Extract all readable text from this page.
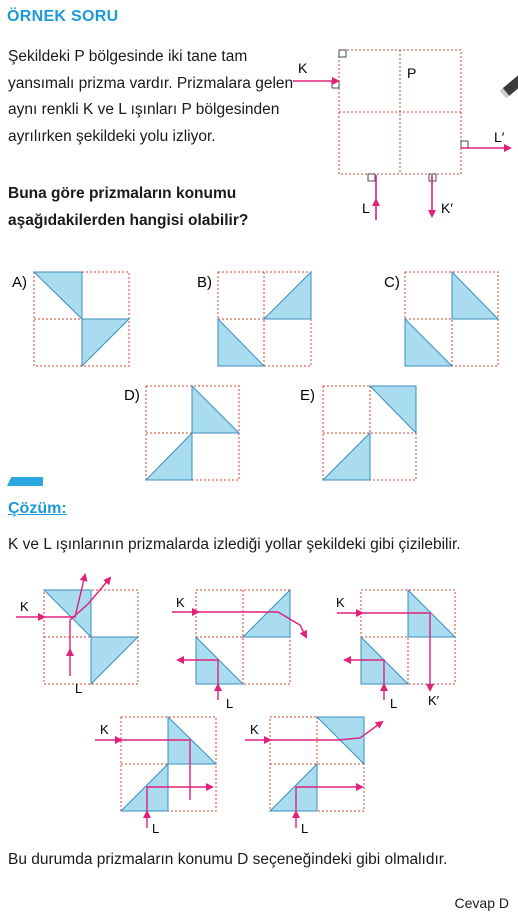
ÖRNEK SORU
Şekildeki P bölgesinde iki tane tam yansımalı prizma vardır. Prizmalara gelen aynı renkli K ve L ışınları P bölgesinden ayrılırken şekildeki yolu izliyor.
Buna göre prizmaların konumu aşağıdakilerden hangisi olabilir?
K	P
L′
L	K′
A)	B)	C)
D)	E)
K
L
K
L
K
L K′
K
L
K
L
Çözüm:
K ve L ışınlarının prizmalarda izlediği yollar şekildeki gibi çizilebilir.
Bu durumda prizmaların konumu D seçeneğindeki gibi olmalıdır.
Cevap D
